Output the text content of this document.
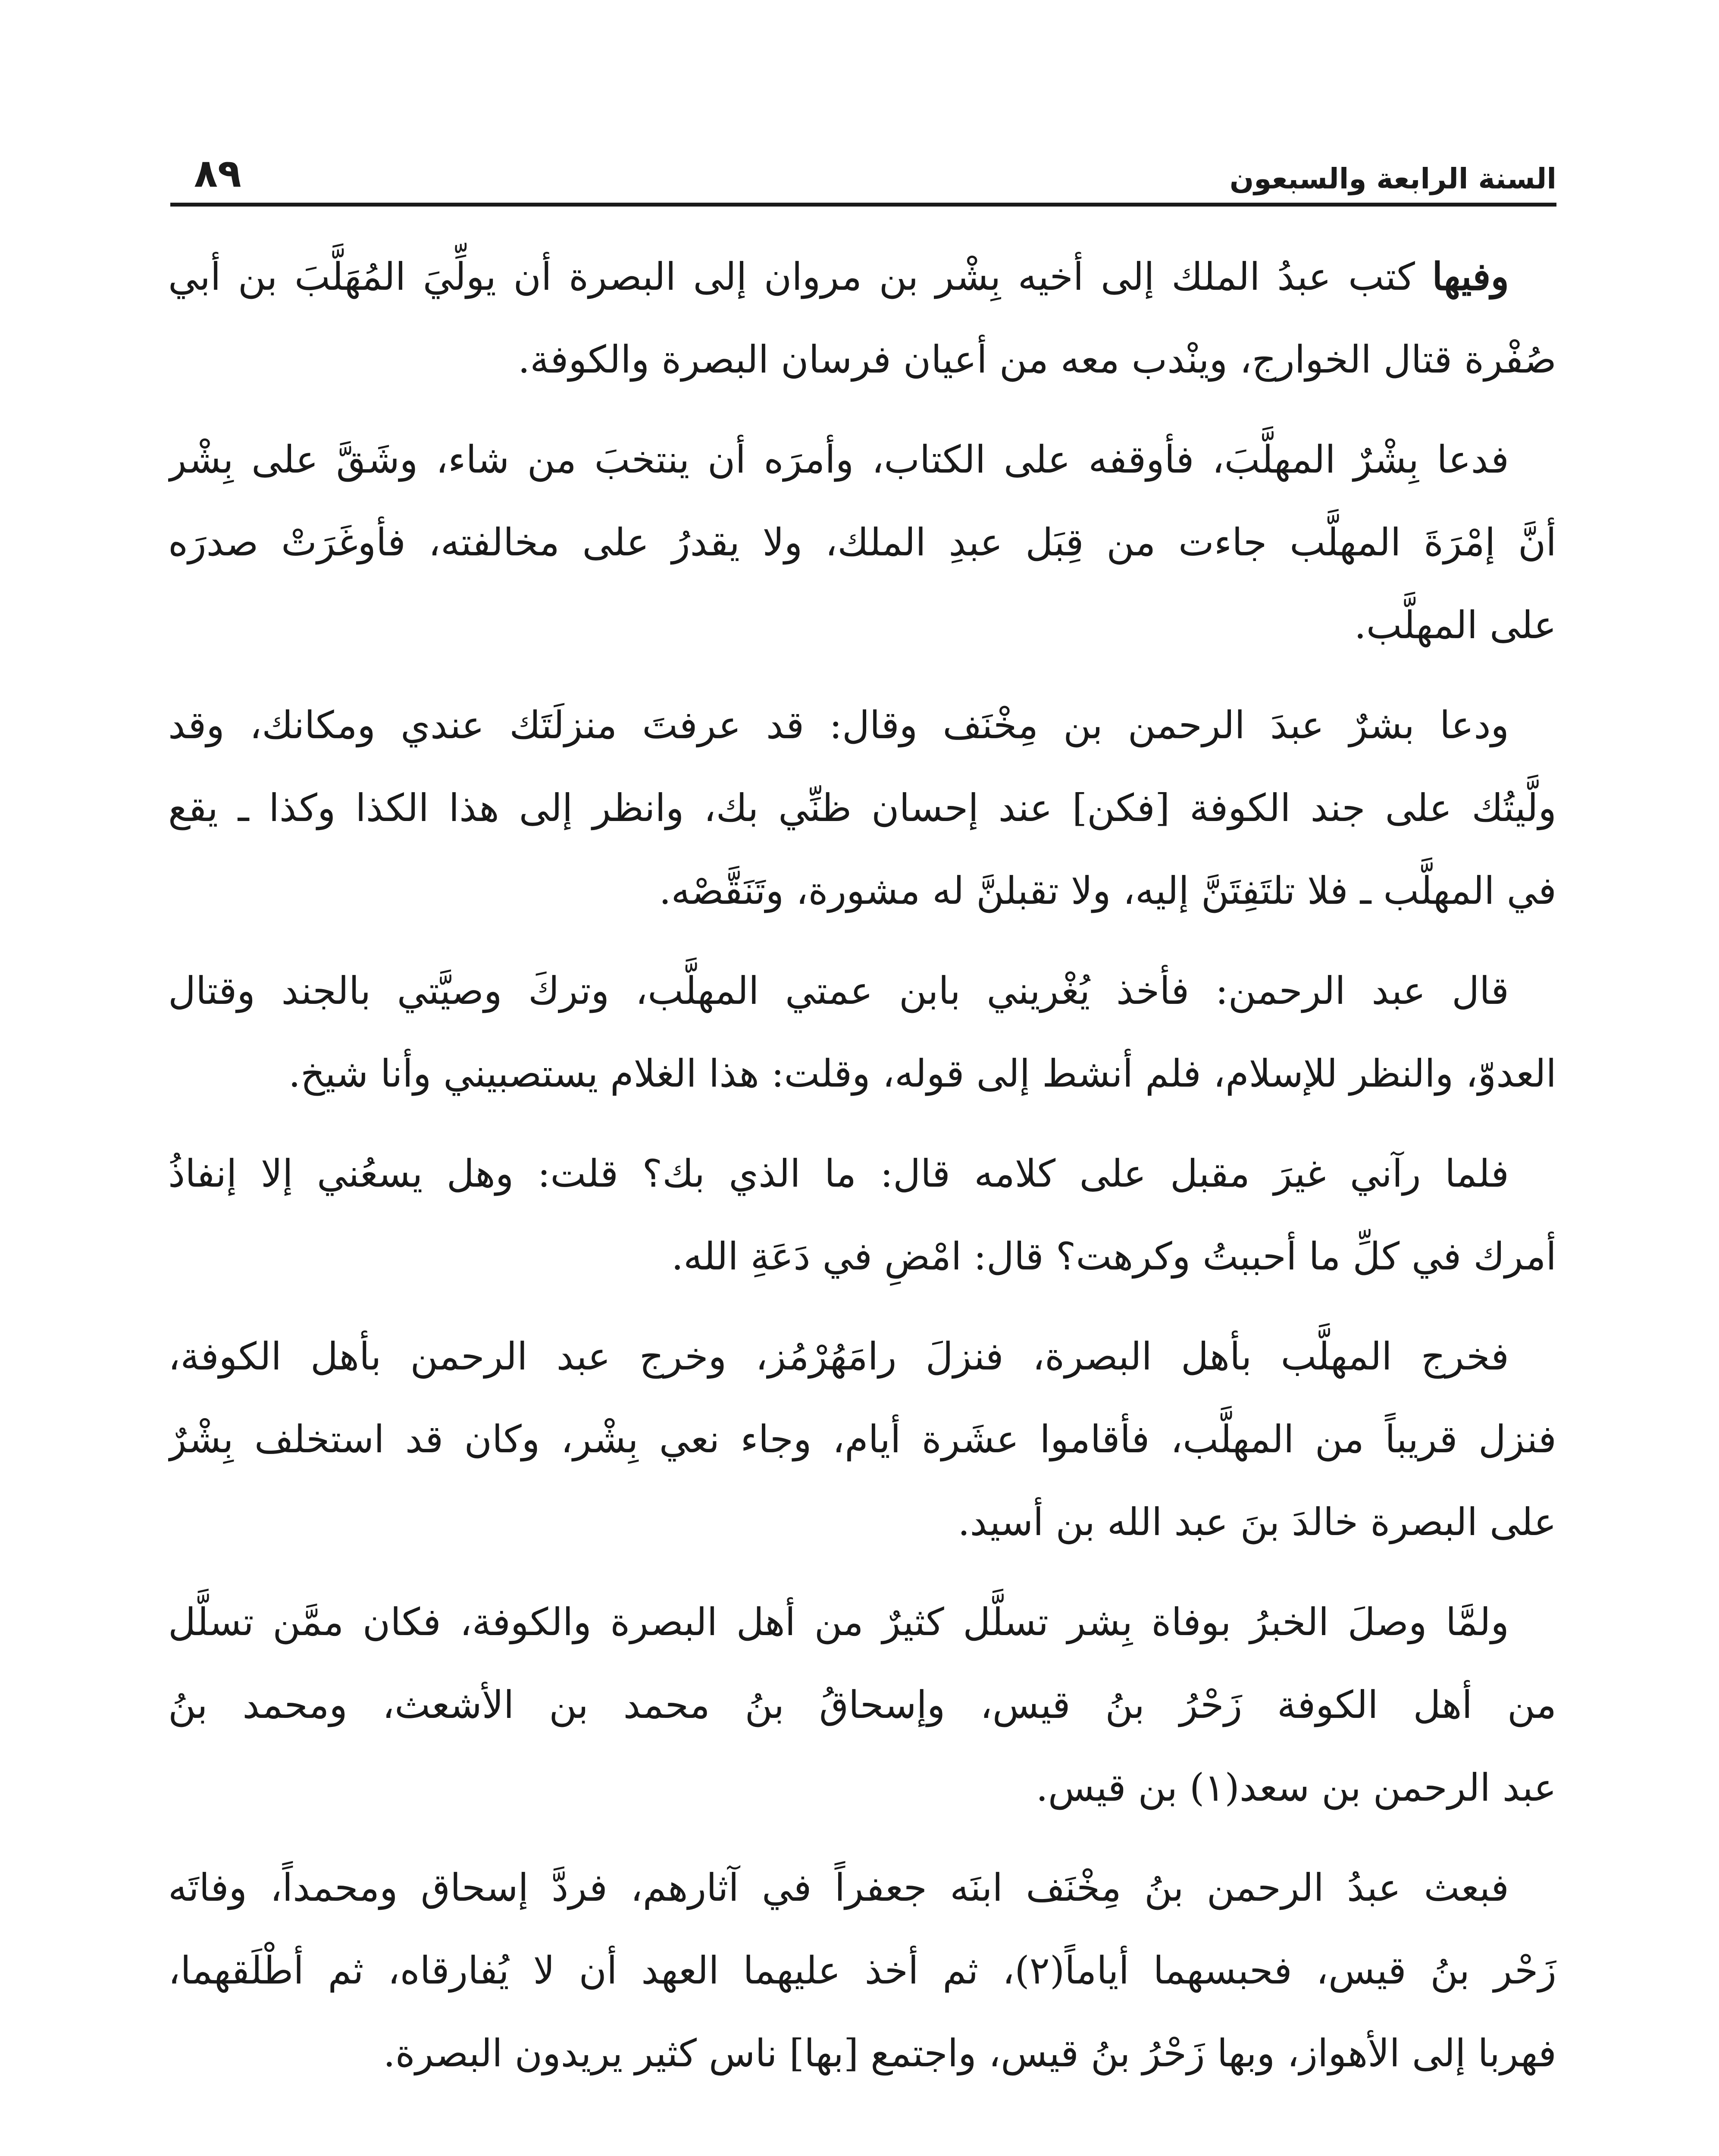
السنة الرابعة والسبعون
٨٩

وفيها كتب عبدُ الملك إلى أخيه بِشْر بن مروان إلى البصرة أن يولِّيَ المُهَلَّبَ بن أبي
صُفْرة قتال الخوارج، وينْدب معه من أعيان فرسان البصرة والكوفة.

فدعا بِشْرٌ المهلَّبَ، فأوقفه على الكتاب، وأمرَه أن ينتخبَ من شاء، وشَقَّ على بِشْر
أنَّ إمْرَةَ المهلَّب جاءت من قِبَل عبدِ الملك، ولا يقدرُ على مخالفته، فأوغَرَتْ صدرَه
على المهلَّب.

ودعا بشرٌ عبدَ الرحمن بن مِخْنَف وقال: قد عرفتَ منزلَتَك عندي ومكانك، وقد
ولَّيتُك على جند الكوفة [فكن] عند إحسان ظنِّي بك، وانظر إلى هذا الكذا وكذا ـ يقع
في المهلَّب ـ فلا تلتَفِتَنَّ إليه، ولا تقبلنَّ له مشورة، وتَنَقَّصْه.

قال عبد الرحمن: فأخذ يُغْريني بابن عمتي المهلَّب، وتركَ وصيَّتي بالجند وقتال
العدوّ، والنظر للإسلام، فلم أنشط إلى قوله، وقلت: هذا الغلام يستصبيني وأنا شيخ.

فلما رآني غيرَ مقبل على كلامه قال: ما الذي بك؟ قلت: وهل يسعُني إلا إنفاذُ
أمرك في كلِّ ما أحببتُ وكرهت؟ قال: امْضِ في دَعَةِ الله.

فخرج المهلَّب بأهل البصرة، فنزلَ رامَهُرْمُز، وخرج عبد الرحمن بأهل الكوفة،
فنزل قريباً من المهلَّب، فأقاموا عشَرة أيام، وجاء نعي بِشْر، وكان قد استخلف بِشْرٌ
على البصرة خالدَ بنَ عبد الله بن أسيد.

ولمَّا وصلَ الخبرُ بوفاة بِشر تسلَّل كثيرٌ من أهل البصرة والكوفة، فكان ممَّن تسلَّل
من أهل الكوفة زَحْرُ بنُ قيس، وإسحاقُ بنُ محمد بن الأشعث، ومحمد بنُ
عبد الرحمن بن سعد(١) بن قيس.

فبعث عبدُ الرحمن بنُ مِخْنَف ابنَه جعفراً في آثارهم، فردَّ إسحاق ومحمداً، وفاتَه
زَحْر بنُ قيس، فحبسهما أياماً(٢)، ثم أخذ عليهما العهد أن لا يُفارقاه، ثم أطْلَقهما،
فهربا إلى الأهواز، وبها زَحْرُ بنُ قيس، واجتمع [بها] ناس كثير يريدون البصرة.
